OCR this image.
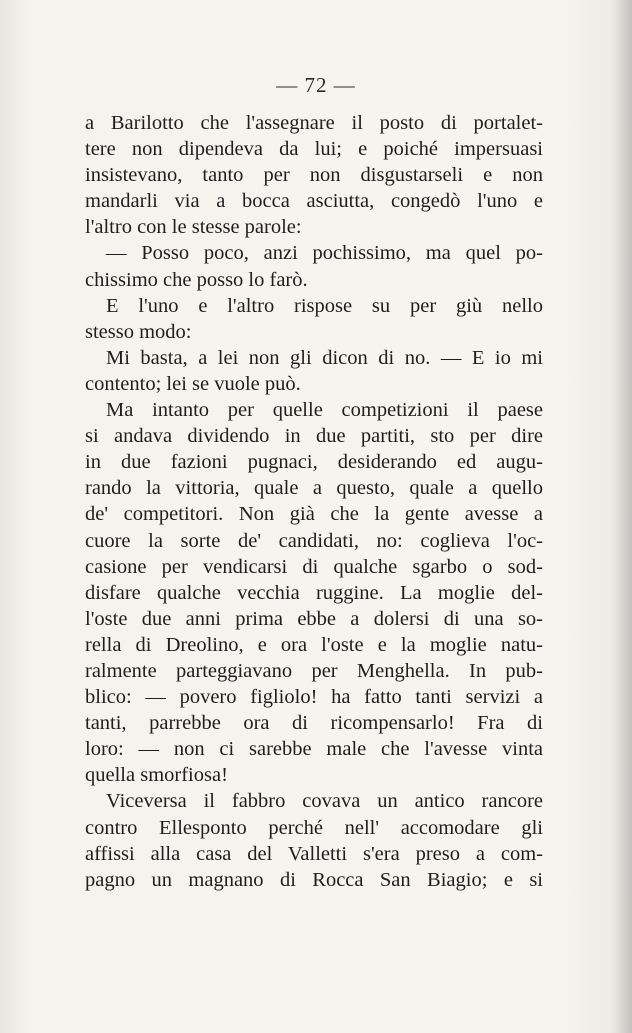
— 72 —
a Barilotto che l'assegnare il posto di portalet-
tere non dipendeva da lui; e poiché impersuasi
insistevano, tanto per non disgustarseli e non
mandarli via a bocca asciutta, congedò l'uno e
l'altro con le stesse parole:
— Posso poco, anzi pochissimo, ma quel po-
chissimo che posso lo farò.
E l'uno e l'altro rispose su per giù nello
stesso modo:
Mi basta, a lei non gli dicon di no. — E io mi
contento; lei se vuole può.
Ma intanto per quelle competizioni il paese
si andava dividendo in due partiti, sto per dire
in due fazioni pugnaci, desiderando ed augu-
rando la vittoria, quale a questo, quale a quello
de' competitori. Non già che la gente avesse a
cuore la sorte de' candidati, no: coglieva l'oc-
casione per vendicarsi di qualche sgarbo o sod-
disfare qualche vecchia ruggine. La moglie del-
l'oste due anni prima ebbe a dolersi di una so-
rella di Dreolino, e ora l'oste e la moglie natu-
ralmente parteggiavano per Menghella. In pub-
blico: — povero figliolo! ha fatto tanti servizi a
tanti, parrebbe ora di ricompensarlo! Fra di
loro: — non ci sarebbe male che l'avesse vinta
quella smorfiosa!
Viceversa il fabbro covava un antico rancore
contro Ellesponto perché nell' accomodare gli
affissi alla casa del Valletti s'era preso a com-
pagno un magnano di Rocca San Biagio; e si
